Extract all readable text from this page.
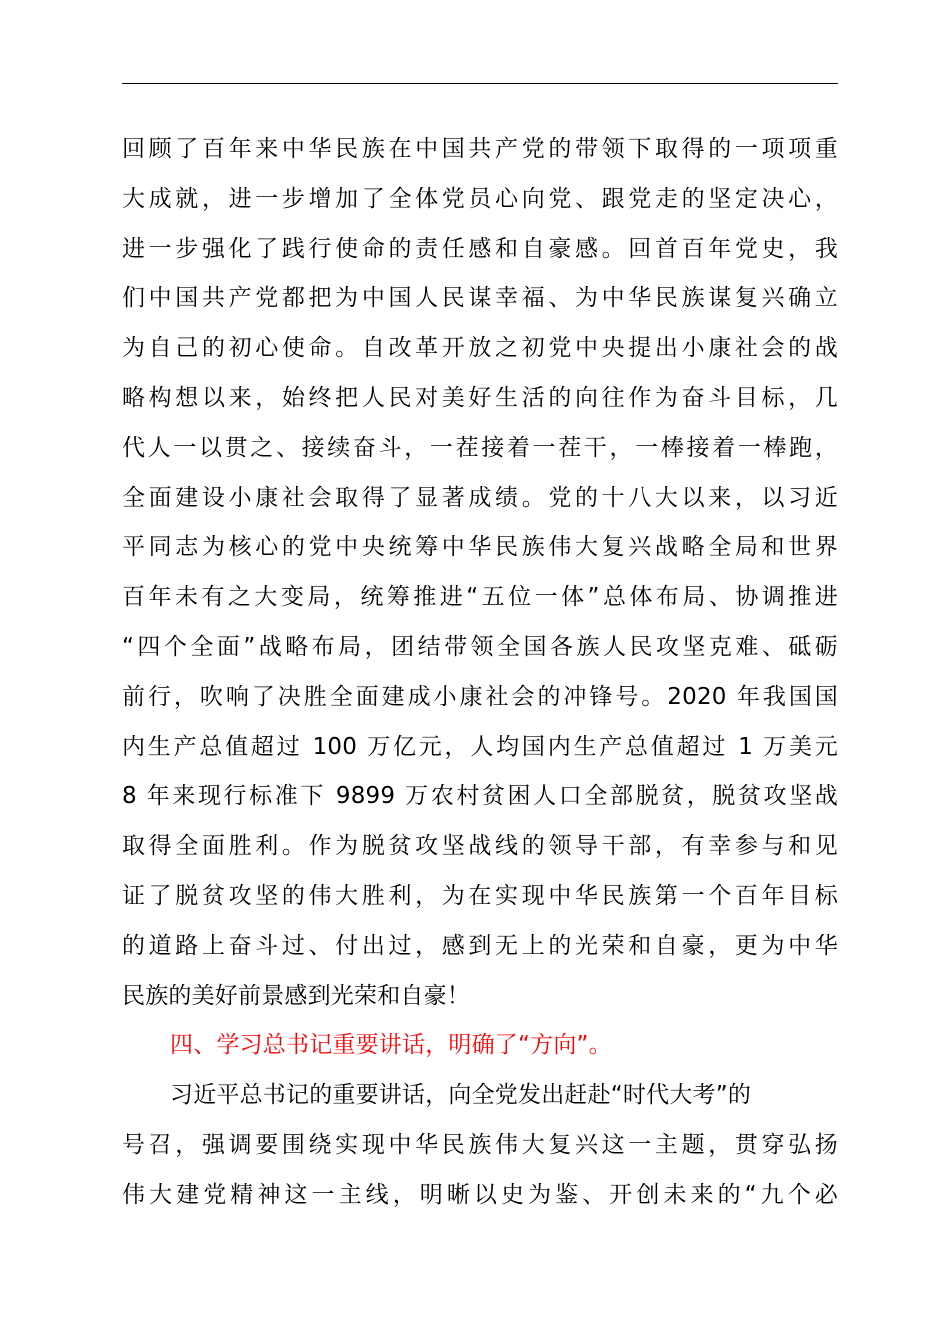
回顾了百年来中华民族在中国共产党的带领下取得的一项项重
大成就，进一步增加了全体党员心向党、跟党走的坚定决心，
进一步强化了践行使命的责任感和自豪感。回首百年党史，我
们中国共产党都把为中国人民谋幸福、为中华民族谋复兴确立
为自己的初心使命。自改革开放之初党中央提出小康社会的战
略构想以来，始终把人民对美好生活的向往作为奋斗目标，几
代人一以贯之、接续奋斗，一茬接着一茬干，一棒接着一棒跑，
全面建设小康社会取得了显著成绩。党的十八大以来，以习近
平同志为核心的党中央统筹中华民族伟大复兴战略全局和世界
百年未有之大变局，统筹推进“五位一体”总体布局、协调推进
“四个全面”战略布局，团结带领全国各族人民攻坚克难、砥砺
前行，吹响了决胜全面建成小康社会的冲锋号。2020 年我国国
内生产总值超过 100 万亿元，人均国内生产总值超过 1 万美元
8 年来现行标准下 9899 万农村贫困人口全部脱贫，脱贫攻坚战
取得全面胜利。作为脱贫攻坚战线的领导干部，有幸参与和见
证了脱贫攻坚的伟大胜利，为在实现中华民族第一个百年目标
的道路上奋斗过、付出过，感到无上的光荣和自豪，更为中华
民族的美好前景感到光荣和自豪！
四、学习总书记重要讲话，明确了“方向”。
习近平总书记的重要讲话，向全党发出赶赴“时代大考”的
号召，强调要围绕实现中华民族伟大复兴这一主题，贯穿弘扬
伟大建党精神这一主线，明晰以史为鉴、开创未来的“九个必
